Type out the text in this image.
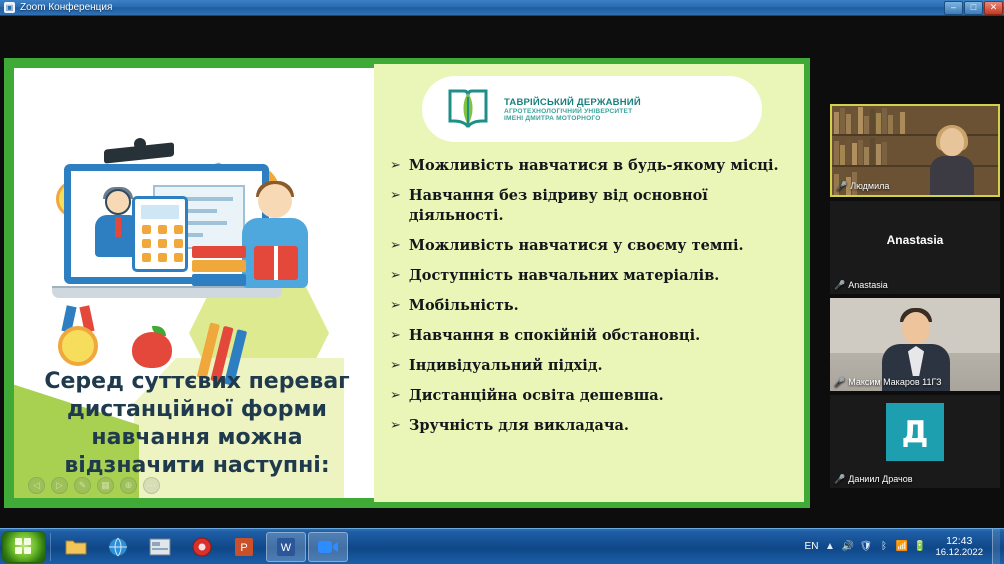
▣ Zoom Конференция	–	□	✕
Серед суттєвих переваг дистанційної форми навчання можна відзначити наступні:
◁	▷	✎	▦	⊕	⋯
ТАВРІЙСЬКИЙ ДЕРЖАВНИЙ
АГРОТЕХНОЛОГІЧНИЙ УНІВЕРСИТЕТ
ІМЕНІ ДМИТРА МОТОРНОГО
➢ Можливість навчатися в будь-якому місці.
➢ Навчання без відриву від основної діяльності.
➢ Можливість навчатися у своєму темпі.
➢ Доступність навчальних матеріалів.
➢ Мобільність.
➢ Навчання в спокійній обстановці.
➢ Індивідуальний підхід.
➢ Дистанційна освіта дешевша.
➢ Зручність для викладача.
🎤 Людмила
Anastasia
🎤 Anastasia
🎤 Максим Макаров 11ГЗ
Д
🎤 Даниил Драчов
P	W	EN ▲ 🔊 🛡 ᛒ 📶 🔋	12:43
16.12.2022
